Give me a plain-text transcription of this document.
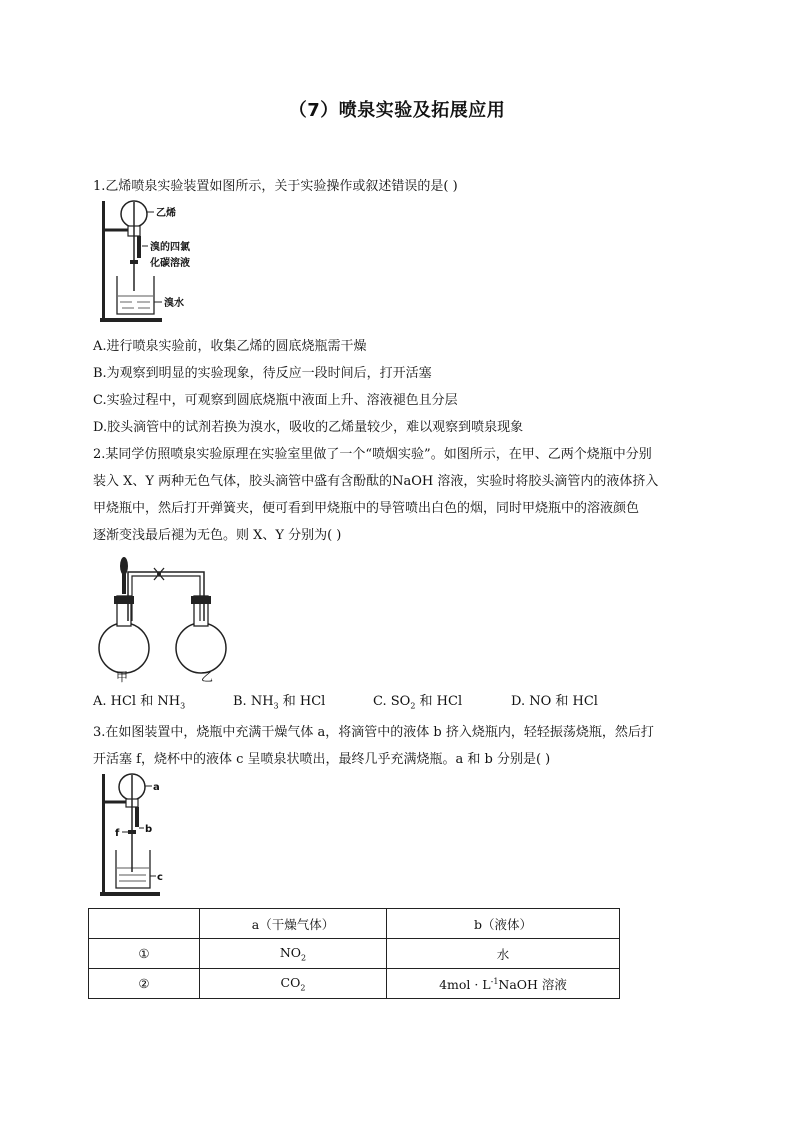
（7）喷泉实验及拓展应用
1.乙烯喷泉实验装置如图所示，关于实验操作或叙述错误的是( )
乙烯
溴的四氯
化碳溶液
溴水
A.进行喷泉实验前，收集乙烯的圆底烧瓶需干燥
B.为观察到明显的实验现象，待反应一段时间后，打开活塞
C.实验过程中，可观察到圆底烧瓶中液面上升、溶液褪色且分层
D.胶头滴管中的试剂若换为溴水，吸收的乙烯量较少，难以观察到喷泉现象
2.某同学仿照喷泉实验原理在实验室里做了一个“喷烟实验”。如图所示，在甲、乙两个烧瓶中分别
装入 X、Y 两种无色气体，胶头滴管中盛有含酚酞的NaOH 溶液，实验时将胶头滴管内的液体挤入
甲烧瓶中，然后打开弹簧夹，便可看到甲烧瓶中的导管喷出白色的烟，同时甲烧瓶中的溶液颜色
逐渐变浅最后褪为无色。则 X、Y 分别为( )
甲	乙
A. HCl 和 $NH_3$	B. $NH_3$ 和 HCl	C. $SO_2$ 和 HCl	D. NO 和 HCl
3.在如图装置中，烧瓶中充满干燥气体 a，将滴管中的液体 b 挤入烧瓶内，轻轻振荡烧瓶，然后打
开活塞 f，烧杯中的液体 c 呈喷泉状喷出，最终几乎充满烧瓶。a 和 b 分别是( )
a
b
f
c
	a（干燥气体）	b（液体）
①	$NO_2$	水
②	$CO_2$	$4mol \cdot L^{-1}NaOH$ 溶液
